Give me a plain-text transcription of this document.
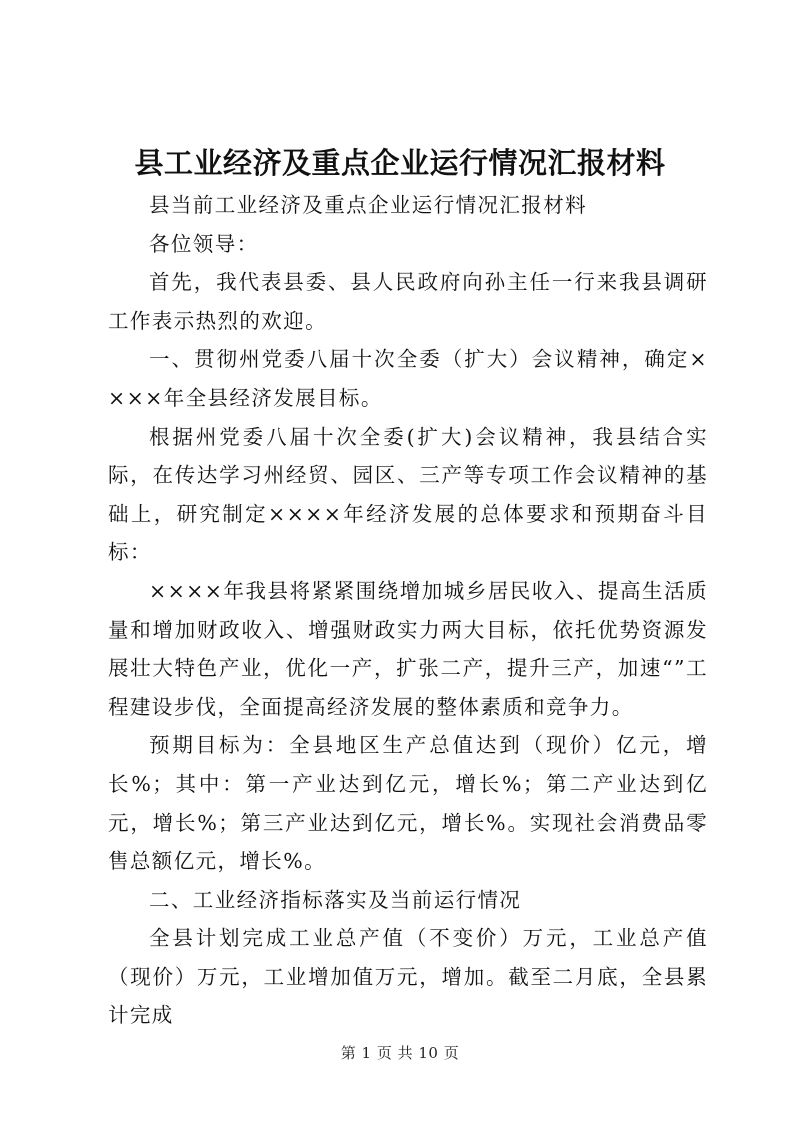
县工业经济及重点企业运行情况汇报材料

县当前工业经济及重点企业运行情况汇报材料

各位领导：

首先，我代表县委、县人民政府向孙主任一行来我县调研工作表示热烈的欢迎。

一、贯彻州党委八届十次全委（扩大）会议精神，确定××××年全县经济发展目标。

根据州党委八届十次全委(扩大)会议精神，我县结合实际，在传达学习州经贸、园区、三产等专项工作会议精神的基础上，研究制定××××年经济发展的总体要求和预期奋斗目标：

××××年我县将紧紧围绕增加城乡居民收入、提高生活质量和增加财政收入、增强财政实力两大目标，依托优势资源发展壮大特色产业，优化一产，扩张二产，提升三产，加速“”工程建设步伐，全面提高经济发展的整体素质和竞争力。

预期目标为：全县地区生产总值达到（现价）亿元，增长%；其中：第一产业达到亿元，增长%；第二产业达到亿元，增长%；第三产业达到亿元，增长%。实现社会消费品零售总额亿元，增长%。

二、工业经济指标落实及当前运行情况

全县计划完成工业总产值（不变价）万元，工业总产值（现价）万元，工业增加值万元，增加。截至二月底，全县累计完成

第 1 页 共 10 页
